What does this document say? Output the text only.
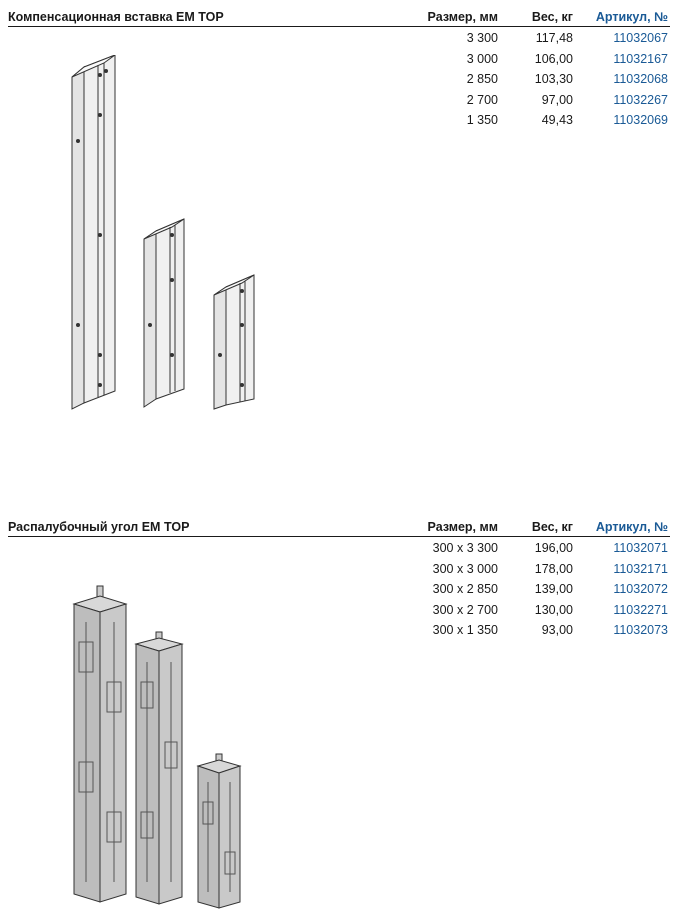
Компенсационная вставка EM TOP	Размер, мм	Вес, кг Артикул, №
3 300	117,48	11032067
3 000	106,00	11032167
2 850	103,30	11032068
2 700	97,00	11032267
1 350	49,43	11032069
Распалубочный угол EM TOP	Размер, мм	Вес, кг Артикул, №
300 x 3 300	196,00	11032071
300 x 3 000	178,00	11032171
300 x 2 850	139,00	11032072
300 x 2 700	130,00	11032271
300 x 1 350	93,00	11032073
